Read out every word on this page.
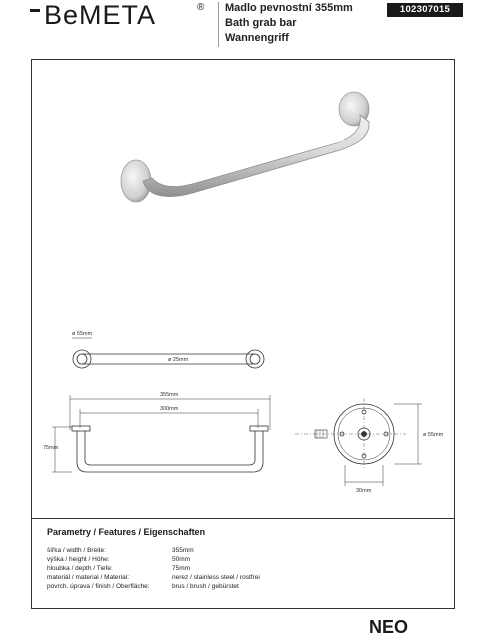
BeMETA	® Madlo pevnostní 355mm
Bath grab bar
Wannengriff
102307015
ø 55mm
ø 25mm
355mm
300mm
75mm
ø 55mm
30mm
Parametry / Features / Eigenschaften
šířka / width / Breite:	355mm
výška / height / Höhe:	50mm
hloubka / depth / Tiefe:	75mm
materiál / material / Material:	nerez / stainless steel / rostfrei
povrch. úprava / finish / Oberfläche:	brus / brush / gebürstet
NEO
